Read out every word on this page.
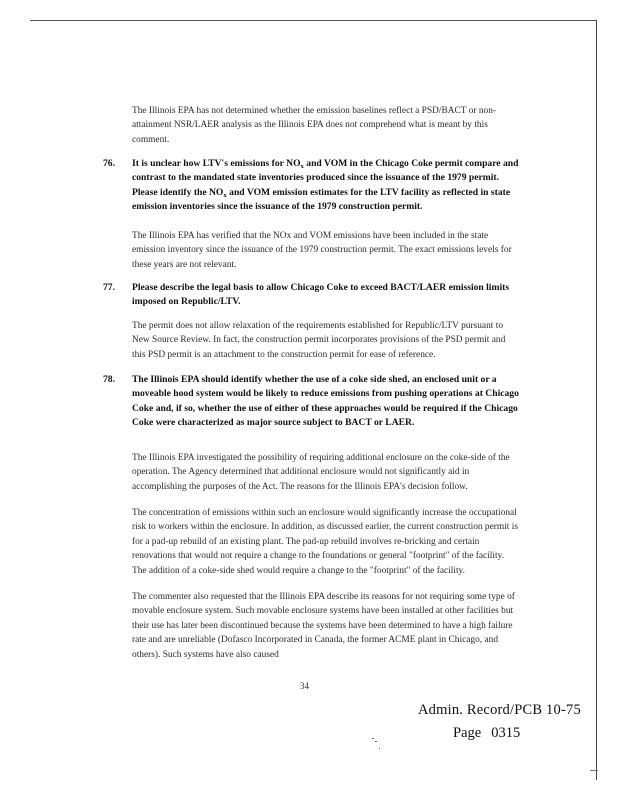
The Illinois EPA has not determined whether the emission baselines reflect a PSD/BACT or non-attainment NSR/LAER analysis as the Illinois EPA does not comprehend what is meant by this comment.

76. It is unclear how LTV's emissions for $NO_x$ and VOM in the Chicago Coke permit compare and contrast to the mandated state inventories produced since the issuance of the 1979 permit. Please identify the $NO_x$ and VOM emission estimates for the LTV facility as reflected in state emission inventories since the issuance of the 1979 construction permit.

The Illinois EPA has verified that the NOx and VOM emissions have been included in the state emission inventory since the issuance of the 1979 construction permit. The exact emissions levels for these years are not relevant.

77. Please describe the legal basis to allow Chicago Coke to exceed BACT/LAER emission limits imposed on Republic/LTV.

The permit does not allow relaxation of the requirements established for Republic/LTV pursuant to New Source Review. In fact, the construction permit incorporates provisions of the PSD permit and this PSD permit is an attachment to the construction permit for ease of reference.

78. The Illinois EPA should identify whether the use of a coke side shed, an enclosed unit or a moveable hood system would be likely to reduce emissions from pushing operations at Chicago Coke and, if so, whether the use of either of these approaches would be required if the Chicago Coke were characterized as major source subject to BACT or LAER.

The Illinois EPA investigated the possibility of requiring additional enclosure on the coke-side of the operation. The Agency determined that additional enclosure would not significantly aid in accomplishing the purposes of the Act. The reasons for the Illinois EPA's decision follow.

The concentration of emissions within such an enclosure would significantly increase the occupational risk to workers within the enclosure. In addition, as discussed earlier, the current construction permit is for a pad-up rebuild of an existing plant. The pad-up rebuild involves re-bricking and certain renovations that would not require a change to the foundations or general "footprint" of the facility. The addition of a coke-side shed would require a change to the "footprint" of the facility.

The commenter also requested that the Illinois EPA describe its reasons for not requiring some type of movable enclosure system. Such movable enclosure systems have been installed at other facilities but their use has later been discontinued because the systems have been determined to have a high failure rate and are unreliable (Dofasco Incorporated in Canada, the former ACME plant in Chicago, and others). Such systems have also caused

34
Admin. Record/PCB 10-75
Page 0315
